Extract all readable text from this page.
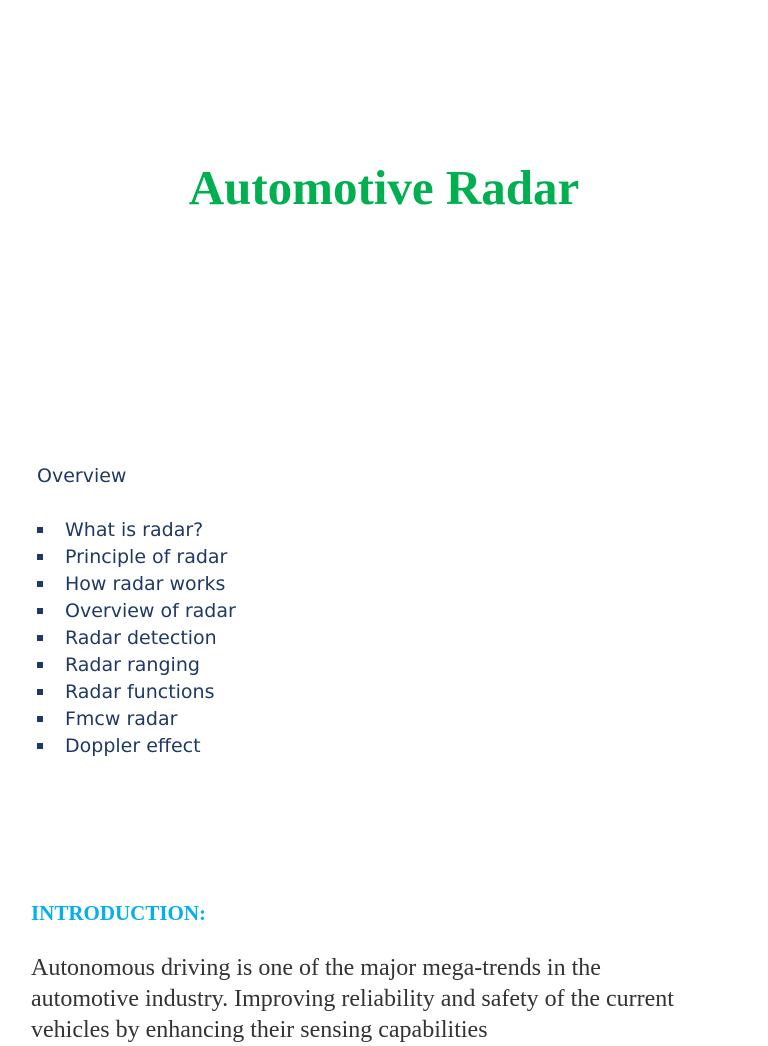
Automotive Radar
Overview
What is radar?
Principle of radar
How radar works
Overview of radar
Radar detection
Radar ranging
Radar functions
Fmcw radar
Doppler effect
INTRODUCTION:

Autonomous driving is one of the major mega-trends in the
automotive industry. Improving reliability and safety of the current
vehicles by enhancing their sensing capabilities
